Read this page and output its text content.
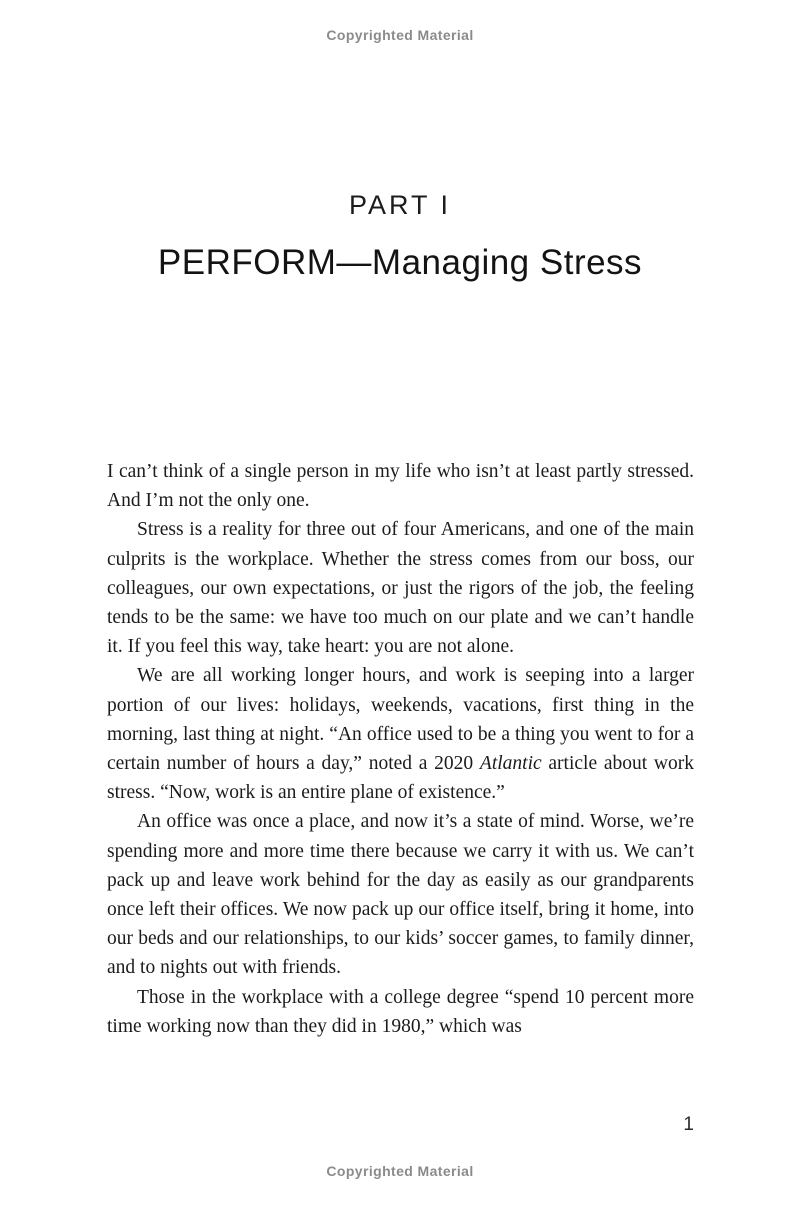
Copyrighted Material
PART I
PERFORM—Managing Stress

I can’t think of a single person in my life who isn’t at least partly stressed. And I’m not the only one.

Stress is a reality for three out of four Americans, and one of the main culprits is the workplace. Whether the stress comes from our boss, our colleagues, our own expectations, or just the rigors of the job, the feeling tends to be the same: we have too much on our plate and we can’t handle it. If you feel this way, take heart: you are not alone.

We are all working longer hours, and work is seeping into a larger portion of our lives: holidays, weekends, vacations, first thing in the morning, last thing at night. “An office used to be a thing you went to for a certain number of hours a day,” noted a 2020 Atlantic article about work stress. “Now, work is an entire plane of existence.”

An office was once a place, and now it’s a state of mind. Worse, we’re spending more and more time there because we carry it with us. We can’t pack up and leave work behind for the day as easily as our grandparents once left their offices. We now pack up our office itself, bring it home, into our beds and our relationships, to our kids’ soccer games, to family dinner, and to nights out with friends.

Those in the workplace with a college degree “spend 10 percent more time working now than they did in 1980,” which was

1
Copyrighted Material
